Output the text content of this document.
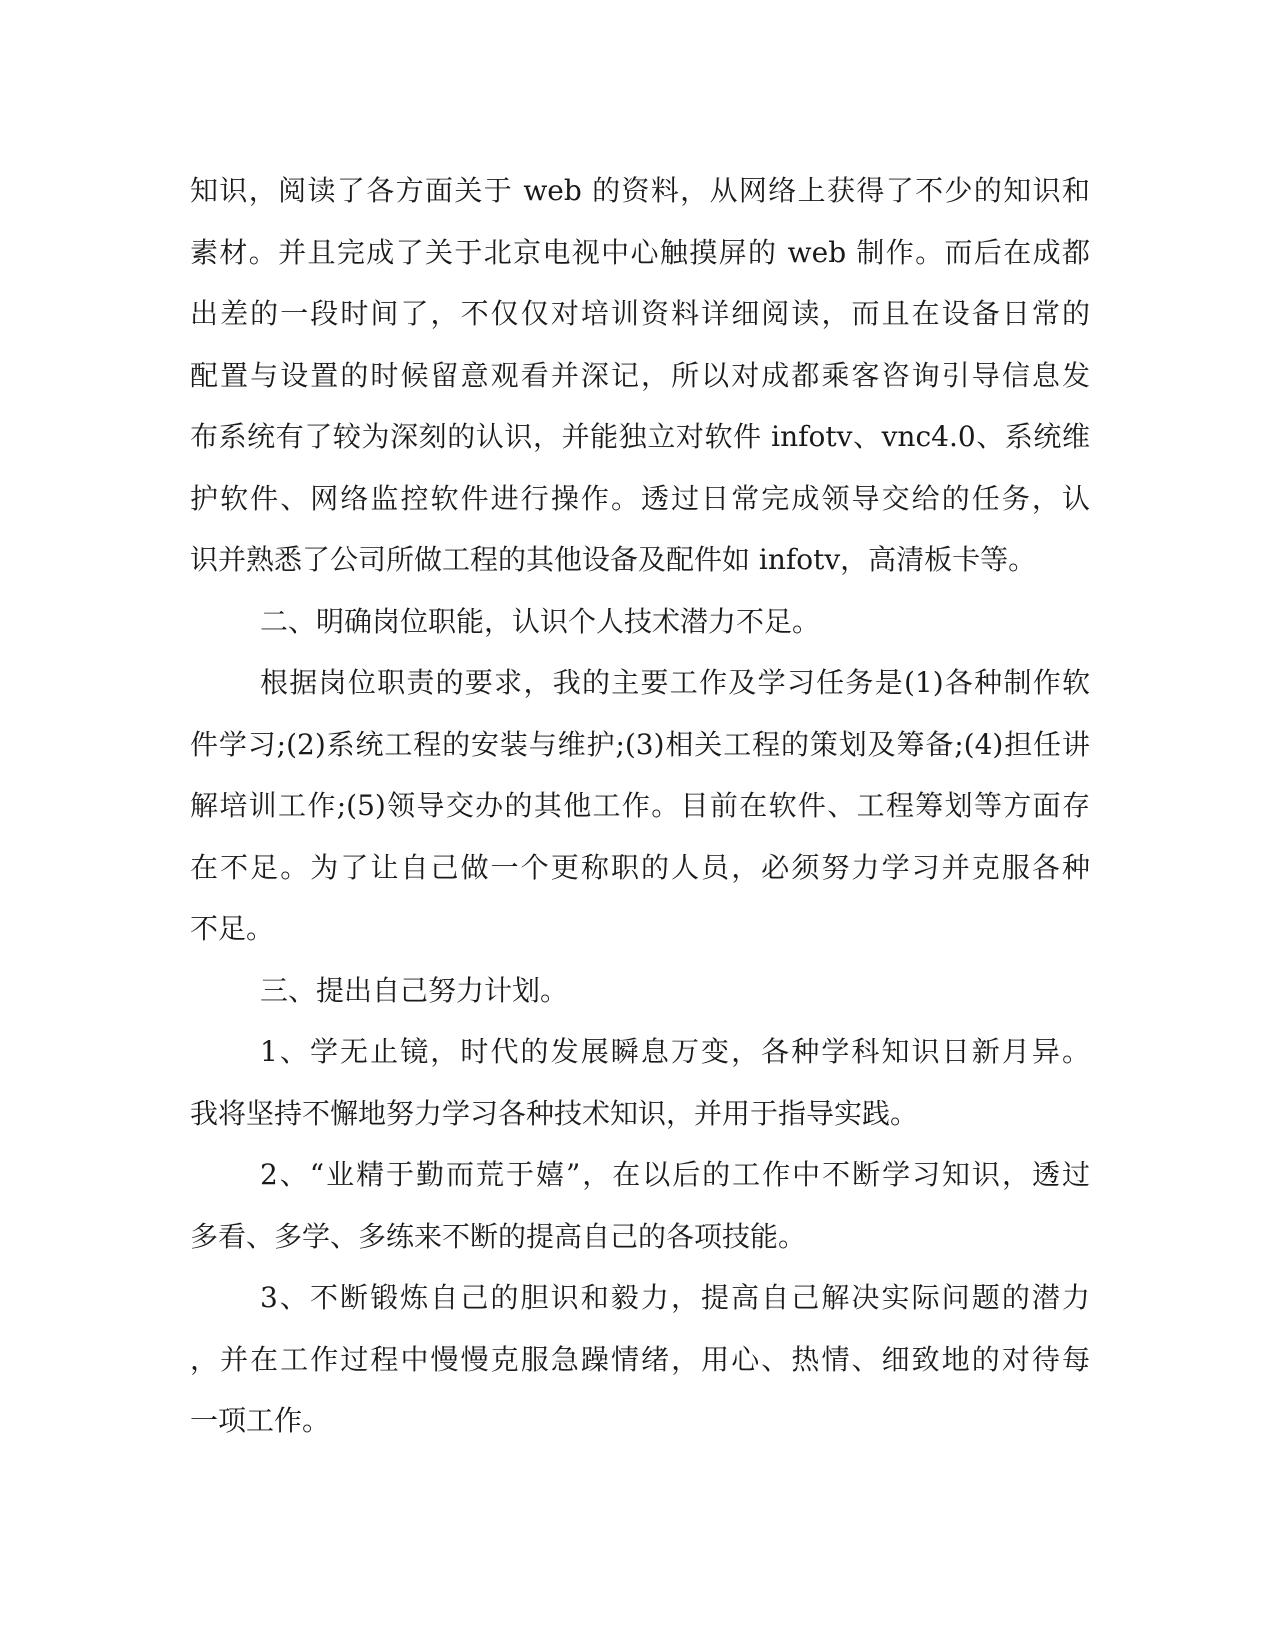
知识，阅读了各方面关于 web 的资料，从网络上获得了不少的知识和
素材。并且完成了关于北京电视中心触摸屏的 web 制作。而后在成都
出差的一段时间了，不仅仅对培训资料详细阅读，而且在设备日常的
配置与设置的时候留意观看并深记，所以对成都乘客咨询引导信息发
布系统有了较为深刻的认识，并能独立对软件 infotv、vnc4.0、系统维
护软件、网络监控软件进行操作。透过日常完成领导交给的任务，认
识并熟悉了公司所做工程的其他设备及配件如 infotv，高清板卡等。
二、明确岗位职能，认识个人技术潜力不足。
根据岗位职责的要求，我的主要工作及学习任务是(1)各种制作软
件学习;(2)系统工程的安装与维护;(3)相关工程的策划及筹备;(4)担任讲
解培训工作;(5)领导交办的其他工作。目前在软件、工程筹划等方面存
在不足。为了让自己做一个更称职的人员，必须努力学习并克服各种
不足。
三、提出自己努力计划。
1、学无止镜，时代的发展瞬息万变，各种学科知识日新月异。
我将坚持不懈地努力学习各种技术知识，并用于指导实践。
2、“业精于勤而荒于嬉”，在以后的工作中不断学习知识，透过
多看、多学、多练来不断的提高自己的各项技能。
3、不断锻炼自己的胆识和毅力，提高自己解决实际问题的潜力
，并在工作过程中慢慢克服急躁情绪，用心、热情、细致地的对待每
一项工作。
